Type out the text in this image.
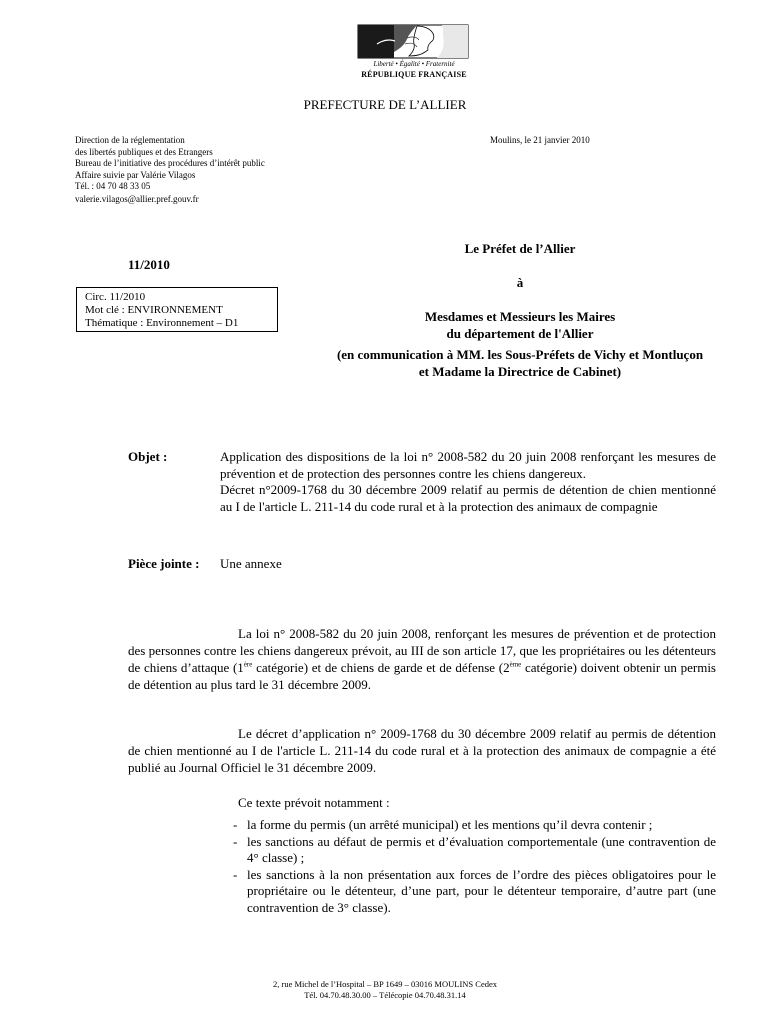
Liberté • Égalité • Fraternité
RÉPUBLIQUE FRANÇAISE
PREFECTURE DE L’ALLIER
Direction de la réglementation
des libertés publiques et des Etrangers
Bureau de l’initiative des procédures d’intérêt public
Affaire suivie par Valérie Vilagos
Tél. : 04 70 48 33 05
valerie.vilagos@allier.pref.gouv.fr
Moulins, le 21 janvier 2010
11/2010
Circ. 11/2010
Mot clé : ENVIRONNEMENT
Thématique : Environnement – D1
Le Préfet de l’Allier
à
Mesdames et Messieurs les Maires
du département de l'Allier
(en communication à MM. les Sous-Préfets de Vichy et Montluçon
et Madame la Directrice de Cabinet)
Objet :	Application des dispositions de la loi n° 2008-582 du 20 juin 2008 renforçant les mesures de prévention et de protection des personnes contre les chiens dangereux.
Décret n°2009-1768 du 30 décembre 2009 relatif au permis de détention de chien mentionné au I de l'article L. 211-14 du code rural et à la protection des animaux de compagnie
Pièce jointe : Une annexe
La loi n° 2008-582 du 20 juin 2008, renforçant les mesures de prévention et de protection des personnes contre les chiens dangereux prévoit, au III de son article 17, que les propriétaires ou les détenteurs de chiens d’attaque (1ère catégorie) et de chiens de garde et de défense (2ème catégorie) doivent obtenir un permis de détention au plus tard le 31 décembre 2009.
Le décret d’application n° 2009-1768 du 30 décembre 2009 relatif au permis de détention de chien mentionné au I de l'article L. 211-14 du code rural et à la protection des animaux de compagnie a été publié au Journal Officiel le 31 décembre 2009.
Ce texte prévoit notamment :
- la forme du permis (un arrêté municipal) et les mentions qu’il devra contenir ;
- les sanctions au défaut de permis et d’évaluation comportementale (une contravention de 4° classe) ;
- les sanctions à la non présentation aux forces de l’ordre des pièces obligatoires pour le propriétaire ou le détenteur, d’une part, pour le détenteur temporaire, d’autre part (une contravention de 3° classe).
2, rue Michel de l’Hospital – BP 1649 – 03016 MOULINS Cedex
Tél. 04.70.48.30.00 – Télécopie 04.70.48.31.14
